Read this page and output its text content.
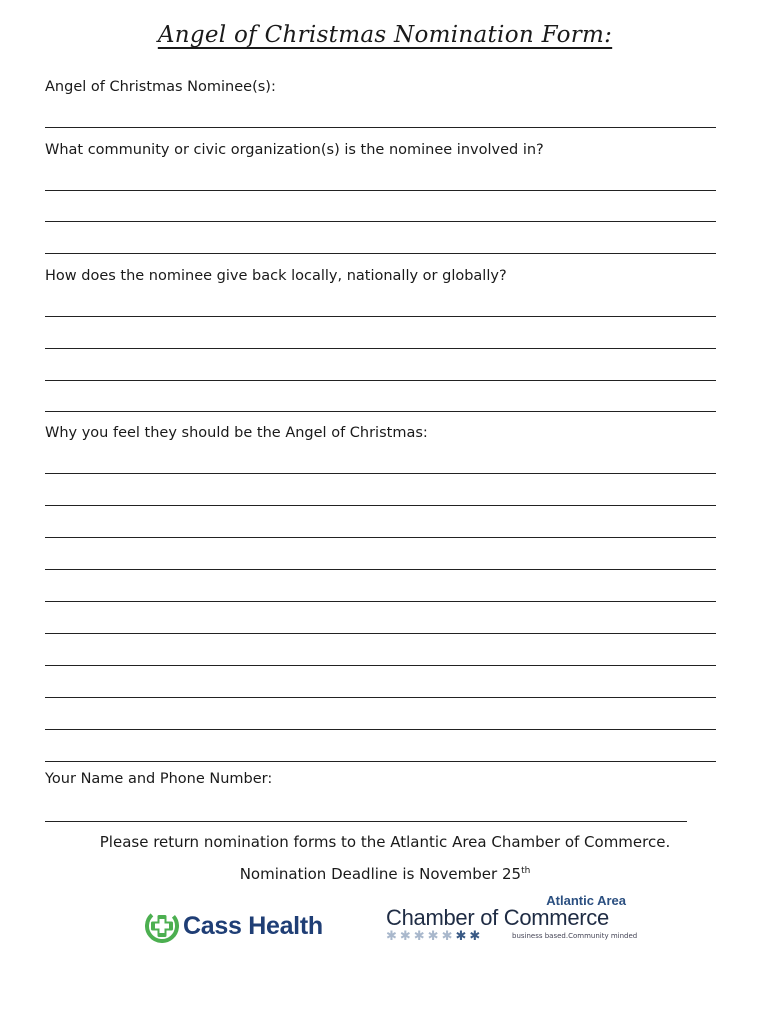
Angel of Christmas Nomination Form:
Angel of Christmas Nominee(s):
What community or civic organization(s) is the nominee involved in?
How does the nominee give back locally, nationally or globally?
Why you feel they should be the Angel of Christmas:
Your Name and Phone Number:
Please return nomination forms to the Atlantic Area Chamber of Commerce.
Nomination Deadline is November 25th
Cass Health
Atlantic Area
Chamber of Commerce
✱✱✱✱✱✱✱	business based.Community minded
